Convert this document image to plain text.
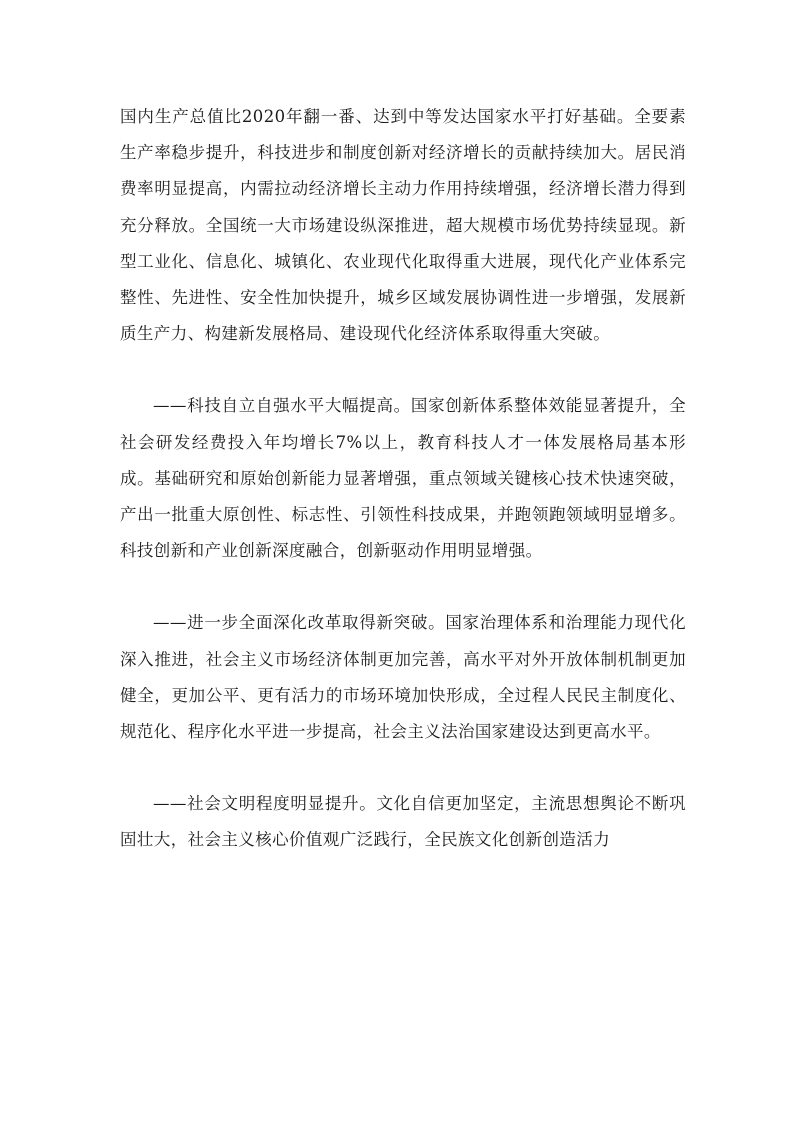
国内生产总值比2020年翻一番、达到中等发达国家水平打好基础。全要素生产率稳步提升，科技进步和制度创新对经济增长的贡献持续加大。居民消费率明显提高，内需拉动经济增长主动力作用持续增强，经济增长潜力得到充分释放。全国统一大市场建设纵深推进，超大规模市场优势持续显现。新型工业化、信息化、城镇化、农业现代化取得重大进展，现代化产业体系完整性、先进性、安全性加快提升，城乡区域发展协调性进一步增强，发展新质生产力、构建新发展格局、建设现代化经济体系取得重大突破。

——科技自立自强水平大幅提高。国家创新体系整体效能显著提升，全社会研发经费投入年均增长7%以上，教育科技人才一体发展格局基本形成。基础研究和原始创新能力显著增强，重点领域关键核心技术快速突破，产出一批重大原创性、标志性、引领性科技成果，并跑领跑领域明显增多。科技创新和产业创新深度融合，创新驱动作用明显增强。

——进一步全面深化改革取得新突破。国家治理体系和治理能力现代化深入推进，社会主义市场经济体制更加完善，高水平对外开放体制机制更加健全，更加公平、更有活力的市场环境加快形成，全过程人民民主制度化、规范化、程序化水平进一步提高，社会主义法治国家建设达到更高水平。

——社会文明程度明显提升。文化自信更加坚定，主流思想舆论不断巩固壮大，社会主义核心价值观广泛践行，全民族文化创新创造活力
